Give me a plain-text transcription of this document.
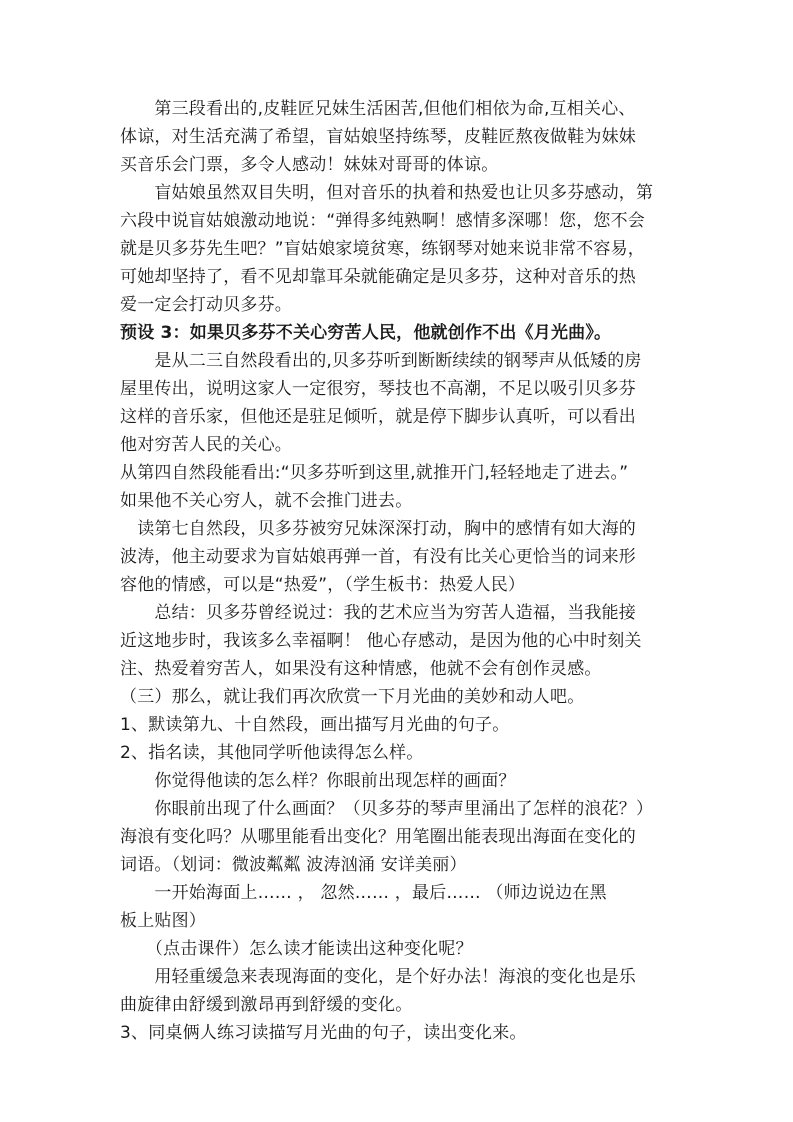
　　第三段看出的,皮鞋匠兄妹生活困苦,但他们相依为命,互相关心、
体谅，对生活充满了希望，盲姑娘坚持练琴，皮鞋匠熬夜做鞋为妹妹
买音乐会门票，多令人感动！妹妹对哥哥的体谅。
　　盲姑娘虽然双目失明，但对音乐的执着和热爱也让贝多芬感动，第
六段中说盲姑娘激动地说：“弹得多纯熟啊！感情多深哪！您，您不会
就是贝多芬先生吧？”盲姑娘家境贫寒，练钢琴对她来说非常不容易，
可她却坚持了，看不见却靠耳朵就能确定是贝多芬，这种对音乐的热
爱一定会打动贝多芬。
预设 3：如果贝多芬不关心穷苦人民，他就创作不出《月光曲》。
　　是从二三自然段看出的,贝多芬听到断断续续的钢琴声从低矮的房
屋里传出，说明这家人一定很穷，琴技也不高潮，不足以吸引贝多芬
这样的音乐家，但他还是驻足倾听，就是停下脚步认真听，可以看出
他对穷苦人民的关心。
从第四自然段能看出:“贝多芬听到这里,就推开门,轻轻地走了进去。”
如果他不关心穷人，就不会推门进去。
　读第七自然段，贝多芬被穷兄妹深深打动，胸中的感情有如大海的
波涛，他主动要求为盲姑娘再弹一首，有没有比关心更恰当的词来形
容他的情感，可以是“热爱”，（学生板书：热爱人民）
　　总结：贝多芬曾经说过：我的艺术应当为穷苦人造福，当我能接
近这地步时，我该多么幸福啊！ 他心存感动，是因为他的心中时刻关
注、热爱着穷苦人，如果没有这种情感，他就不会有创作灵感。
（三）那么，就让我们再次欣赏一下月光曲的美妙和动人吧。
1、默读第九、十自然段，画出描写月光曲的句子。
2、指名读，其他同学听他读得怎么样。
　　你觉得他读的怎么样？你眼前出现怎样的画面？
　　你眼前出现了什么画面？（贝多芬的琴声里涌出了怎样的浪花？）
海浪有变化吗？从哪里能看出变化？用笔圈出能表现出海面在变化的
词语。（划词：微波粼粼 波涛汹涌 安详美丽）
　　一开始海面上…… ， 忽然…… ，最后…… （师边说边在黑
板上贴图）
　　（点击课件）怎么读才能读出这种变化呢？
　　用轻重缓急来表现海面的变化，是个好办法！海浪的变化也是乐
曲旋律由舒缓到激昂再到舒缓的变化。
3、同桌俩人练习读描写月光曲的句子，读出变化来。
